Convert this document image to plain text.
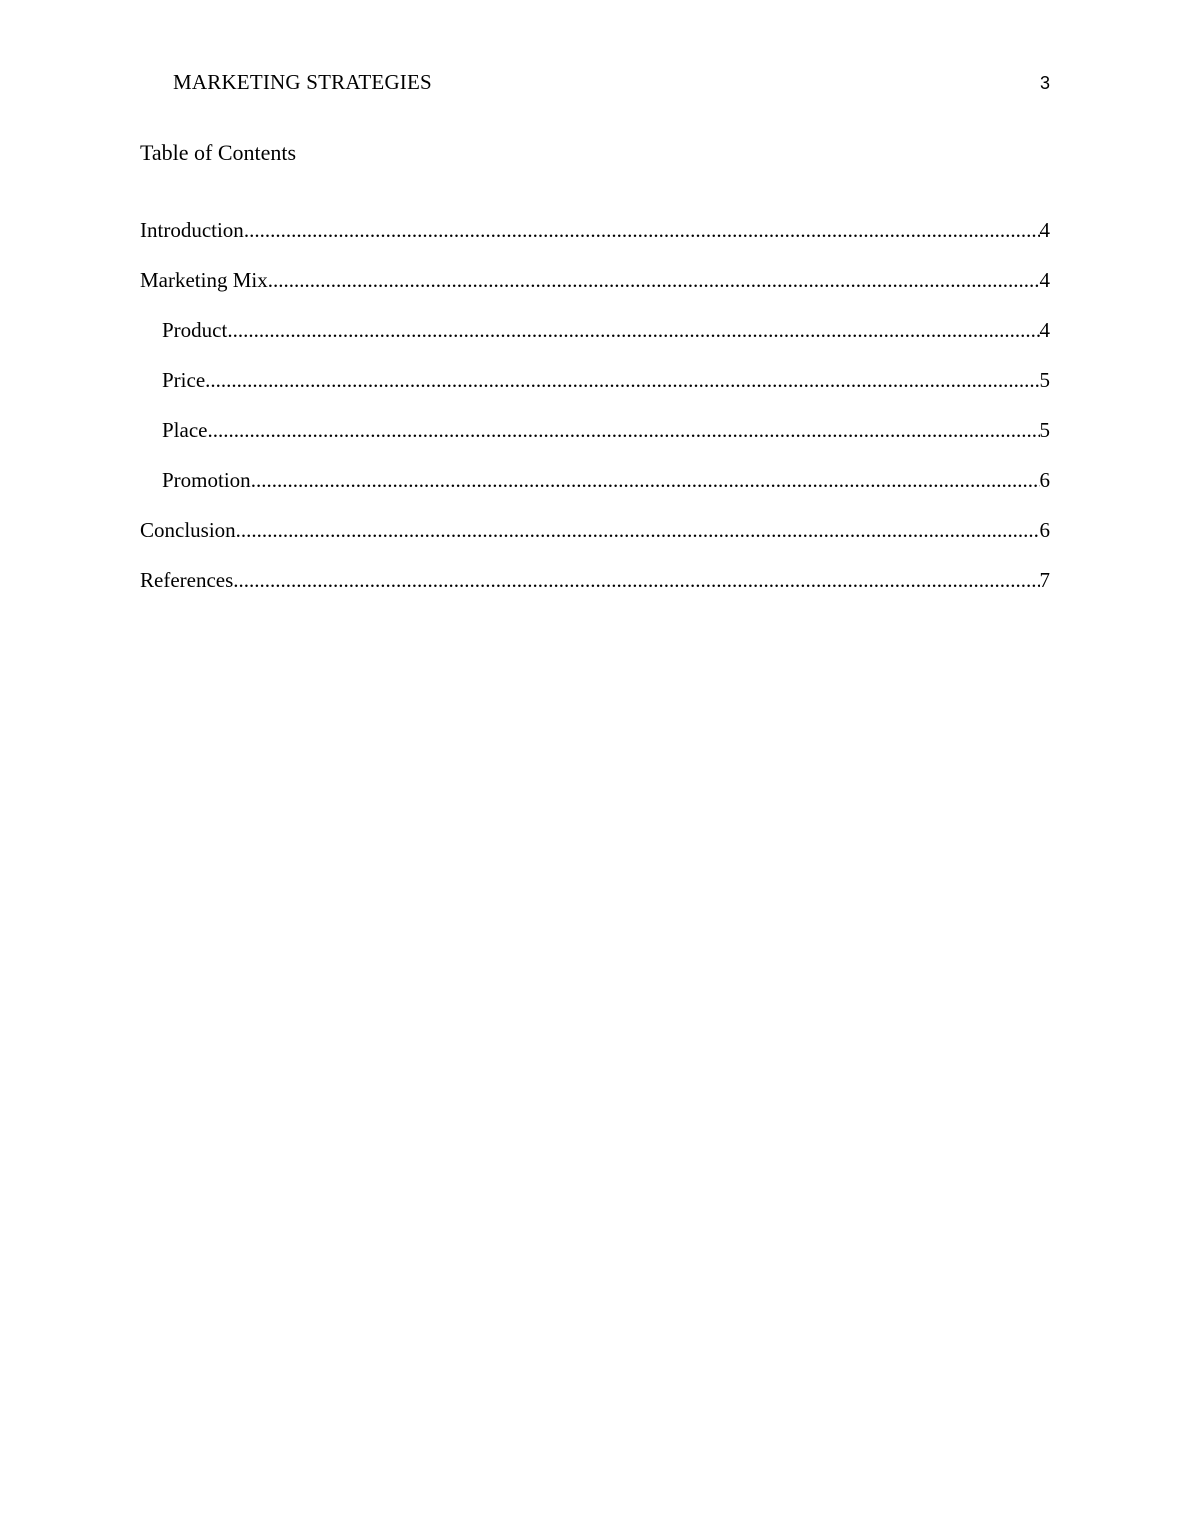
MARKETING STRATEGIES	3
Table of Contents
Introduction .....	4
Marketing Mix .....	4
Product .....	4
Price .....	5
Place .....	5
Promotion .....	6
Conclusion .....	6
References .....	7
